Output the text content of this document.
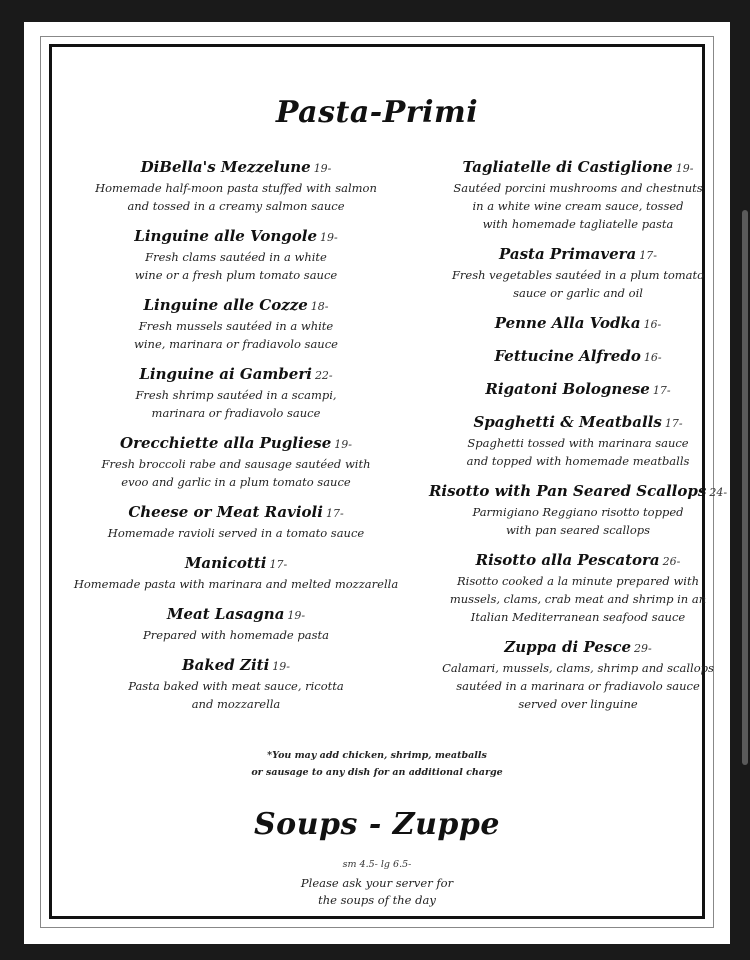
Pasta-Primi
DiBella's Mezzelune 19-
Homemade half-moon pasta stuffed with salmon
and tossed in a creamy salmon sauce
Linguine alle Vongole 19-
Fresh clams sautéed in a white
wine or a fresh plum tomato sauce
Linguine alle Cozze 18-
Fresh mussels sautéed in a white
wine, marinara or fradiavolo sauce
Linguine ai Gamberi 22-
Fresh shrimp sautéed in a scampi,
marinara or fradiavolo sauce
Orecchiette alla Pugliese 19-
Fresh broccoli rabe and sausage sautéed with
evoo and garlic in a plum tomato sauce
Cheese or Meat Ravioli 17-
Homemade ravioli served in a tomato sauce
Manicotti 17-
Homemade pasta with marinara and melted mozzarella
Meat Lasagna 19-
Prepared with homemade pasta
Baked Ziti 19-
Pasta baked with meat sauce, ricotta
and mozzarella
Tagliatelle di Castiglione 19-
Sautéed porcini mushrooms and chestnuts
in a white wine cream sauce, tossed
with homemade tagliatelle pasta
Pasta Primavera 17-
Fresh vegetables sautéed in a plum tomato
sauce or garlic and oil
Penne Alla Vodka 16-
Fettucine Alfredo 16-
Rigatoni Bolognese 17-
Spaghetti & Meatballs 17-
Spaghetti tossed with marinara sauce
and topped with homemade meatballs
Risotto with Pan Seared Scallops 24-
Parmigiano Reggiano risotto topped
with pan seared scallops
Risotto alla Pescatora 26-
Risotto cooked a la minute prepared with
mussels, clams, crab meat and shrimp in an
Italian Mediterranean seafood sauce
Zuppa di Pesce 29-
Calamari, mussels, clams, shrimp and scallops
sautéed in a marinara or fradiavolo sauce
served over linguine
*You may add chicken, shrimp, meatballs
or sausage to any dish for an additional charge
Soups - Zuppe
sm 4.5- lg 6.5-
Please ask your server for
the soups of the day
